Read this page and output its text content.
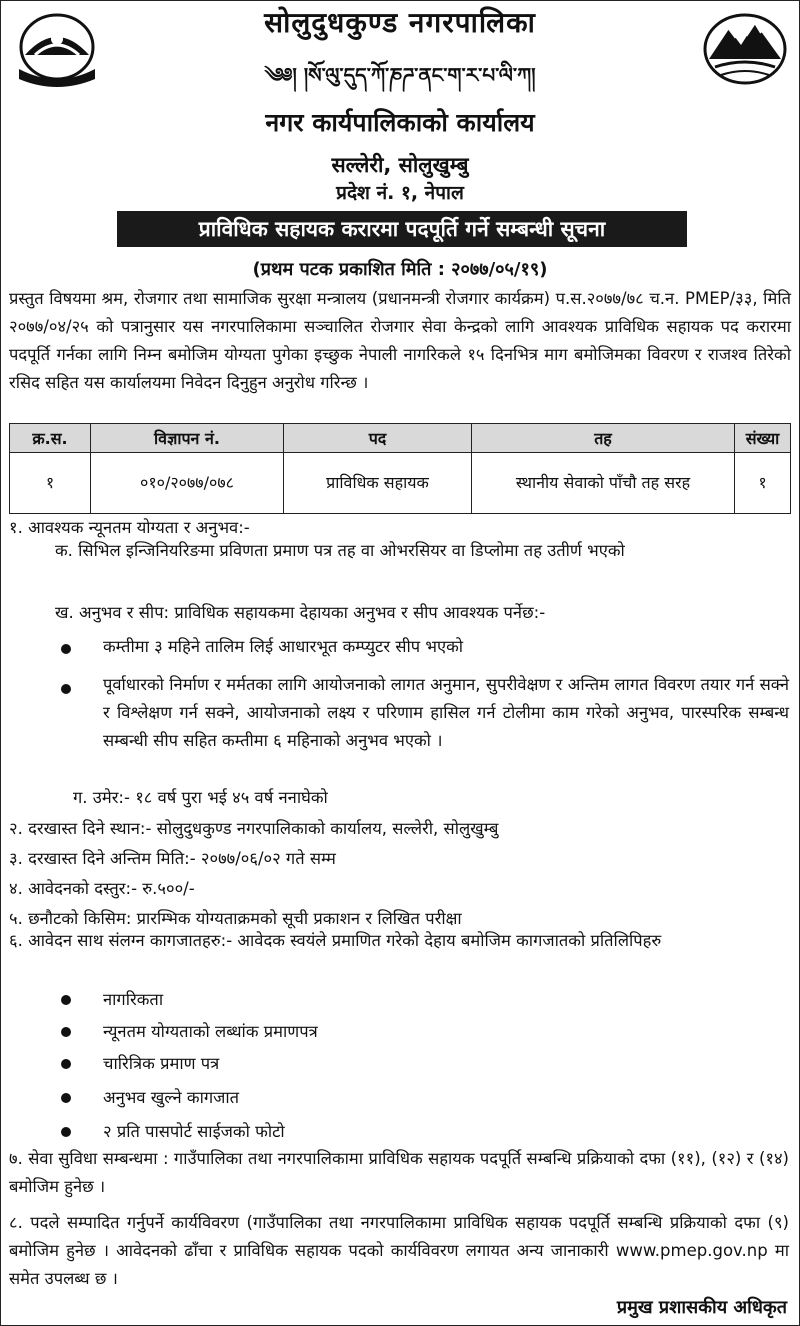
सोलुदुधकुण्ड नगरपालिका
༄༅། །སོ་ལུ་དུད་ཀོ་ཎཌ་ནང་ག་ར་པ་ལི་ཀ།
नगर कार्यपालिकाको कार्यालय
सल्लेरी, सोलुखुम्बु
प्रदेश नं. १, नेपाल
प्राविधिक सहायक करारमा पदपूर्ति गर्ने सम्बन्धी सूचना
(प्रथम पटक प्रकाशित मिति : २०७७/०५/१९)
प्रस्तुत विषयमा श्रम, रोजगार तथा सामाजिक सुरक्षा मन्त्रालय (प्रधानमन्त्री रोजगार कार्यक्रम) प.स.२०७७/७८ च.न. PMEP/३३, मिति २०७७/०४/२५ को पत्रानुसार यस नगरपालिकामा सञ्चालित रोजगार सेवा केन्द्रको लागि आवश्यक प्राविधिक सहायक पद करारमा पदपूर्ति गर्नका लागि निम्न बमोजिम योग्यता पुगेका इच्छुक नेपाली नागरिकले १५ दिनभित्र माग बमोजिमका विवरण र राजश्व तिरेको रसिद सहित यस कार्यालयमा निवेदन दिनुहुन अनुरोध गरिन्छ ।
क्र.स.	विज्ञापन नं.	पद	तह	संख्या
१	०१०/२०७७/०७८	प्राविधिक सहायक	स्थानीय सेवाको पाँचौ तह सरह	१
१. आवश्यक न्यूनतम योग्यता र अनुभव:-
क. सिभिल इन्जिनियरिङमा प्रविणता प्रमाण पत्र तह वा ओभरसियर वा डिप्लोमा तह उतीर्ण भएको
ख. अनुभव र सीप: प्राविधिक सहायकमा देहायका अनुभव र सीप आवश्यक पर्नेछ:-
कम्तीमा ३ महिने तालिम लिई आधारभूत कम्प्युटर सीप भएको
पूर्वाधारको निर्माण र मर्मतका लागि आयोजनाको लागत अनुमान, सुपरीवेक्षण र अन्तिम लागत विवरण तयार गर्न सक्ने र विश्लेक्षण गर्न सक्ने, आयोजनाको लक्ष्य र परिणाम हासिल गर्न टोलीमा काम गरेको अनुभव, पारस्परिक सम्बन्ध सम्बन्धी सीप सहित कम्तीमा ६ महिनाको अनुभव भएको ।
ग. उमेर:- १८ वर्ष पुरा भई ४५ वर्ष ननाघेको
२. दरखास्त दिने स्थान:- सोलुदुधकुण्ड नगरपालिकाको कार्यालय, सल्लेरी, सोलुखुम्बु
३. दरखास्त दिने अन्तिम मिति:- २०७७/०६/०२ गते सम्म
४. आवेदनको दस्तुर:- रु.५००/-
५. छनौटको किसिम: प्रारम्भिक योग्यताक्रमको सूची प्रकाशन र लिखित परीक्षा
६. आवेदन साथ संलग्न कागजातहरु:- आवेदक स्वयंले प्रमाणित गरेको देहाय बमोजिम कागजातको प्रतिलिपिहरु
नागरिकता
न्यूनतम योग्यताको लब्धांक प्रमाणपत्र
चारित्रिक प्रमाण पत्र
अनुभव खुल्ने कागजात
२ प्रति पासपोर्ट साईजको फोटो
७. सेवा सुविधा सम्बन्धमा : गाउँपालिका तथा नगरपालिकामा प्राविधिक सहायक पदपूर्ति सम्बन्धि प्रक्रियाको दफा (११), (१२) र (१४) बमोजिम हुनेछ ।
८. पदले सम्पादित गर्नुपर्ने कार्यविवरण (गाउँपालिका तथा नगरपालिकामा प्राविधिक सहायक पदपूर्ति सम्बन्धि प्रक्रियाको दफा (९) बमोजिम हुनेछ । आवेदनको ढाँचा र प्राविधिक सहायक पदको कार्यविवरण लगायत अन्य जानाकारी www.pmep.gov.np मा समेत उपलब्ध छ ।
प्रमुख प्रशासकीय अधिकृत
